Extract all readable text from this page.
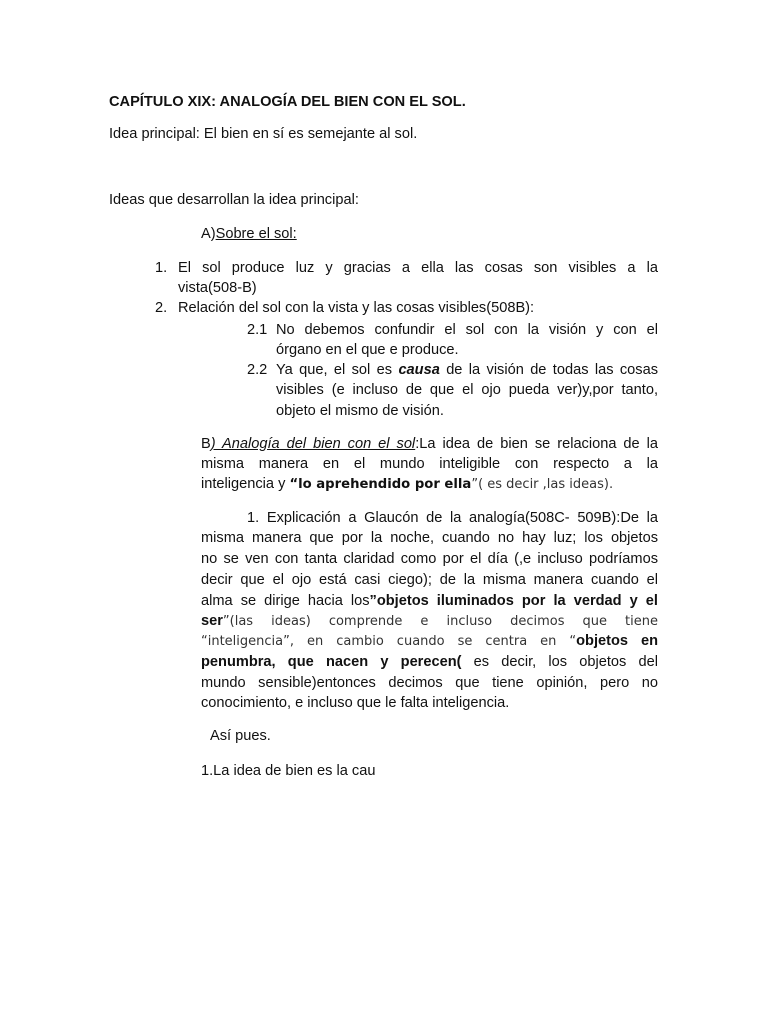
CAPÍTULO XIX: ANALOGÍA DEL BIEN CON EL SOL.
Idea principal: El bien en sí es semejante al sol.
Ideas que desarrollan la idea principal:
A)Sobre el sol:
1. El sol produce luz y gracias a ella las cosas son visibles a la
vista(508-B)
2. Relación del sol con la vista y las cosas visibles(508B):
2.1 No debemos confundir el sol con la visión y con el
órgano en el que e produce.
2.2 Ya que, el sol es causa de la visión de todas las cosas
visibles (e incluso de que el ojo pueda ver)y,por tanto,
objeto el mismo de visión.
B) Analogía del bien con el sol:La idea de bien se relaciona de la
misma manera en el mundo inteligible con respecto a la
inteligencia y “lo aprehendido por ella”( es decir ,las ideas).
1. Explicación a Glaucón de la analogía(508C- 509B):De la
misma manera que por la noche, cuando no hay luz; los objetos
no se ven con tanta claridad como por el día (,e incluso podríamos
decir que el ojo está casi ciego); de la misma manera cuando el
alma se dirige hacia los”objetos iluminados por la verdad y el
ser”(las ideas) comprende e incluso decimos que tiene
“inteligencia”, en cambio cuando se centra en “objetos en
penumbra, que nacen y perecen( es decir, los objetos del
mundo sensible)entonces decimos que tiene opinión, pero no
conocimiento, e incluso que le falta inteligencia.
Así pues.
1.La idea de bien es la cau
